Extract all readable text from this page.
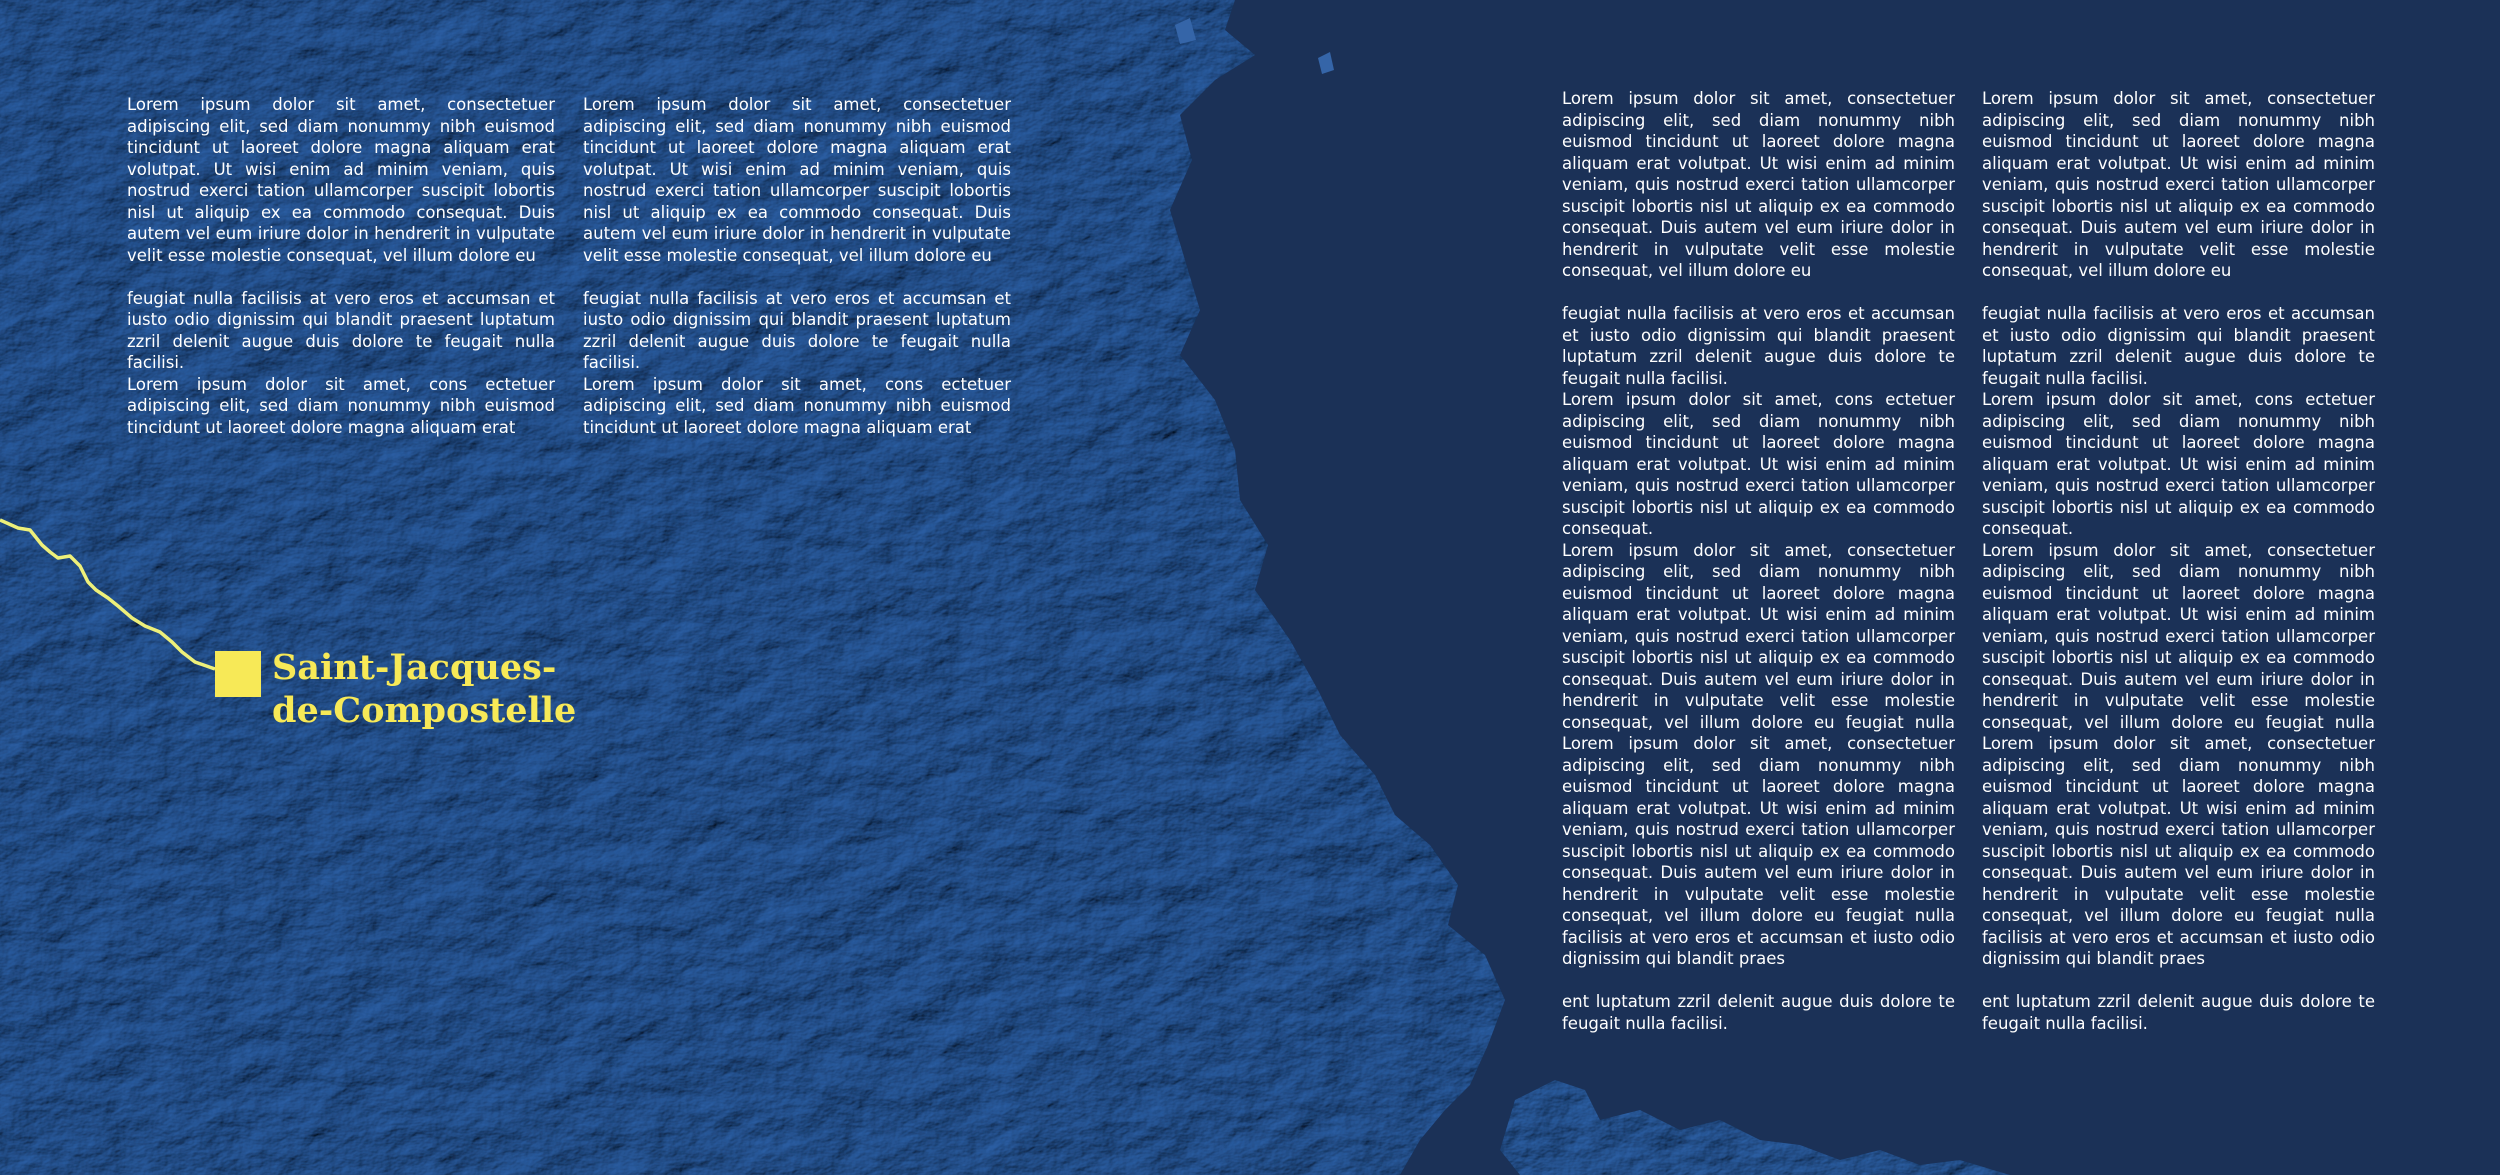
Saint-Jacques-
de-Compostelle

Lorem ipsum dolor sit amet, consectetuer adipiscing elit, sed diam nonummy nibh euismod tincidunt ut laoreet dolore magna aliquam erat volutpat. Ut wisi enim ad minim veniam, quis nostrud exerci tation ullamcorper suscipit lobortis nisl ut aliquip ex ea commodo consequat. Duis autem vel eum iriure dolor in hendrerit in vulputate velit esse molestie consequat, vel illum dolore eu

feugiat nulla facilisis at vero eros et accumsan et iusto odio dignissim qui blandit praesent luptatum zzril delenit augue duis dolore te feugait nulla facilisi.

Lorem ipsum dolor sit amet, cons ectetuer adipiscing elit, sed diam nonummy nibh euismod tincidunt ut laoreet dolore magna aliquam erat

Lorem ipsum dolor sit amet, consectetuer adipiscing elit, sed diam nonummy nibh euismod tincidunt ut laoreet dolore magna aliquam erat volutpat. Ut wisi enim ad minim veniam, quis nostrud exerci tation ullamcorper suscipit lobortis nisl ut aliquip ex ea commodo consequat. Duis autem vel eum iriure dolor in hendrerit in vulputate velit esse molestie consequat, vel illum dolore eu

feugiat nulla facilisis at vero eros et accumsan et iusto odio dignissim qui blandit praesent luptatum zzril delenit augue duis dolore te feugait nulla facilisi.

Lorem ipsum dolor sit amet, cons ectetuer adipiscing elit, sed diam nonummy nibh euismod tincidunt ut laoreet dolore magna aliquam erat

Lorem ipsum dolor sit amet, consectetuer adipiscing elit, sed diam nonummy nibh euismod tincidunt ut laoreet dolore magna aliquam erat volutpat. Ut wisi enim ad minim veniam, quis nostrud exerci tation ullamcorper suscipit lobortis nisl ut aliquip ex ea commodo consequat. Duis autem vel eum iriure dolor in hendrerit in vulputate velit esse molestie consequat, vel illum dolore eu

feugiat nulla facilisis at vero eros et accumsan et iusto odio dignissim qui blandit praesent luptatum zzril delenit augue duis dolore te feugait nulla facilisi.

Lorem ipsum dolor sit amet, cons ectetuer adipiscing elit, sed diam nonummy nibh euismod tincidunt ut laoreet dolore magna aliquam erat volutpat. Ut wisi enim ad minim veniam, quis nostrud exerci tation ullamcorper suscipit lobortis nisl ut aliquip ex ea commodo consequat.

Lorem ipsum dolor sit amet, consectetuer adipiscing elit, sed diam nonummy nibh euismod tincidunt ut laoreet dolore magna aliquam erat volutpat. Ut wisi enim ad minim veniam, quis nostrud exerci tation ullamcorper suscipit lobortis nisl ut aliquip ex ea commodo consequat. Duis autem vel eum iriure dolor in hendrerit in vulputate velit esse molestie consequat, vel illum dolore eu feugiat nulla Lorem ipsum dolor sit amet, consectetuer adipiscing elit, sed diam nonummy nibh euismod tincidunt ut laoreet dolore magna aliquam erat volutpat. Ut wisi enim ad minim veniam, quis nostrud exerci tation ullamcorper suscipit lobortis nisl ut aliquip ex ea commodo consequat. Duis autem vel eum iriure dolor in hendrerit in vulputate velit esse molestie consequat, vel illum dolore eu feugiat nulla facilisis at vero eros et accumsan et iusto odio dignissim qui blandit praes

ent luptatum zzril delenit augue duis dolore te feugait nulla facilisi.

Lorem ipsum dolor sit amet, consectetuer adipiscing elit, sed diam nonummy nibh euismod tincidunt ut laoreet dolore magna aliquam erat volutpat. Ut wisi enim ad minim veniam, quis nostrud exerci tation ullamcorper suscipit lobortis nisl ut aliquip ex ea commodo consequat. Duis autem vel eum iriure dolor in hendrerit in vulputate velit esse molestie consequat, vel illum dolore eu

feugiat nulla facilisis at vero eros et accumsan et iusto odio dignissim qui blandit praesent luptatum zzril delenit augue duis dolore te feugait nulla facilisi.

Lorem ipsum dolor sit amet, cons ectetuer adipiscing elit, sed diam nonummy nibh euismod tincidunt ut laoreet dolore magna aliquam erat volutpat. Ut wisi enim ad minim veniam, quis nostrud exerci tation ullamcorper suscipit lobortis nisl ut aliquip ex ea commodo consequat.

Lorem ipsum dolor sit amet, consectetuer adipiscing elit, sed diam nonummy nibh euismod tincidunt ut laoreet dolore magna aliquam erat volutpat. Ut wisi enim ad minim veniam, quis nostrud exerci tation ullamcorper suscipit lobortis nisl ut aliquip ex ea commodo consequat. Duis autem vel eum iriure dolor in hendrerit in vulputate velit esse molestie consequat, vel illum dolore eu feugiat nulla Lorem ipsum dolor sit amet, consectetuer adipiscing elit, sed diam nonummy nibh euismod tincidunt ut laoreet dolore magna aliquam erat volutpat. Ut wisi enim ad minim veniam, quis nostrud exerci tation ullamcorper suscipit lobortis nisl ut aliquip ex ea commodo consequat. Duis autem vel eum iriure dolor in hendrerit in vulputate velit esse molestie consequat, vel illum dolore eu feugiat nulla facilisis at vero eros et accumsan et iusto odio dignissim qui blandit praes

ent luptatum zzril delenit augue duis dolore te feugait nulla facilisi.
